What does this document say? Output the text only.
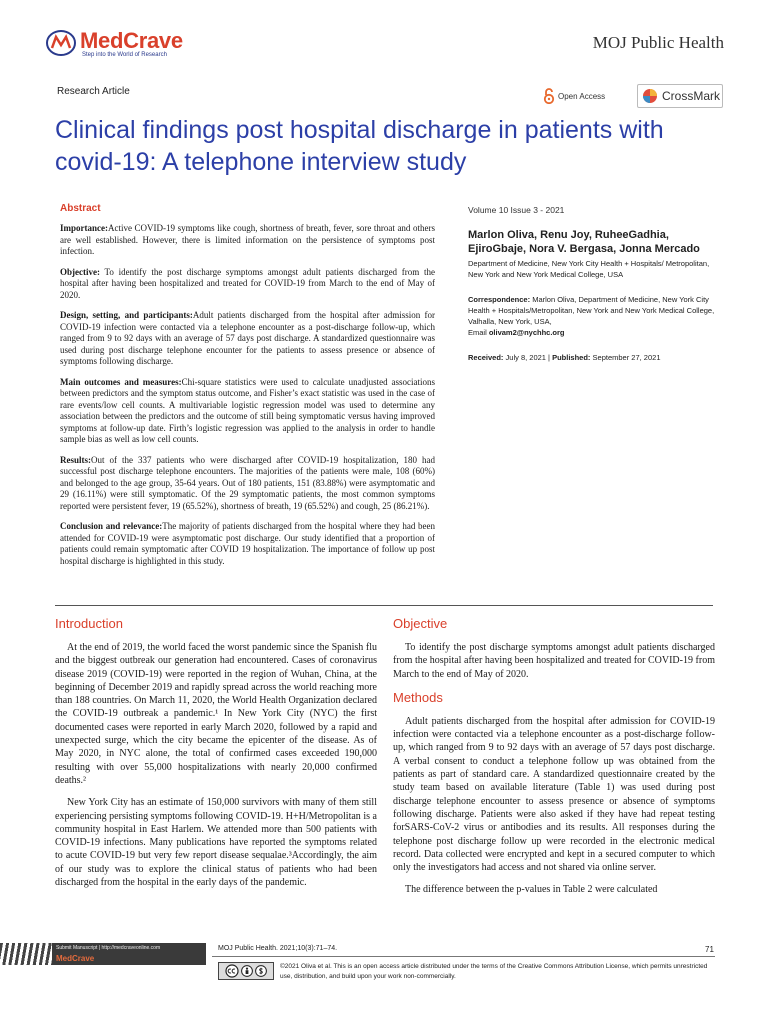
MedCrave
Step into the World of Research
MOJ Public Health
Research Article	Open Access	CrossMark
Clinical findings post hospital discharge in patients with covid-19: A telephone interview study
Abstract

Importance:Active COVID-19 symptoms like cough, shortness of breath, fever, sore throat and others are well established. However, there is limited information on the persistence of symptoms post infection.

Objective: To identify the post discharge symptoms amongst adult patients discharged from the hospital after having been hospitalized and treated for COVID-19 from March to the end of May of 2020.

Design, setting, and participants:Adult patients discharged from the hospital after admission for COVID-19 infection were contacted via a telephone encounter as a post-discharge follow-up, which ranged from 9 to 92 days with an average of 57 days post discharge. A standardized questionnaire was used during post discharge telephone encounter for the patients to assess presence or absence of symptoms following discharge.

Main outcomes and measures:Chi-square statistics were used to calculate unadjusted associations between predictors and the symptom status outcome, and Fisher’s exact statistic was used in the case of rare events/low cell counts. A multivariable logistic regression model was used to determine any association between the predictors and the outcome of still being symptomatic versus having improved symptoms at follow-up date. Firth’s logistic regression was applied to the analysis in order to handle sample bias as well as low cell counts.

Results:Out of the 337 patients who were discharged after COVID-19 hospitalization, 180 had successful post discharge telephone encounters. The majorities of the patients were male, 108 (60%) and belonged to the age group, 35-64 years. Out of 180 patients, 151 (83.88%) were asymptomatic and 29 (16.11%) were still symptomatic. Of the 29 symptomatic patients, the most common symptoms reported were persistent fever, 19 (65.52%), shortness of breath, 19 (65.52%) and cough, 25 (86.21%).

Conclusion and relevance:The majority of patients discharged from the hospital where they had been attended for COVID-19 were asymptomatic post discharge. Our study identified that a proportion of patients could remain symptomatic after COVID 19 hospitalization. The importance of follow up post hospital discharge is highlighted in this study.

Volume 10 Issue 3 - 2021
Marlon Oliva, Renu Joy, RuheeGadhia,
EjiroGbaje, Nora V. Bergasa, Jonna Mercado
Department of Medicine, New York City Health + Hospitals/ Metropolitan, New York and New York Medical College, USA
Correspondence: Marlon Oliva, Department of Medicine, New York City Health + Hospitals/Metropolitan, New York and New York Medical College, Valhalla, New York, USA,
Email olivam2@nychhc.org
Received: July 8, 2021 | Published: September 27, 2021
Introduction

At the end of 2019, the world faced the worst pandemic since the Spanish flu and the biggest outbreak our generation had encountered. Cases of coronavirus disease 2019 (COVID-19) were reported in the region of Wuhan, China, at the beginning of December 2019 and rapidly spread across the world reaching more than 188 countries. On March 11, 2020, the World Health Organization declared the COVID-19 outbreak a pandemic.¹ In New York City (NYC) the first documented cases were reported in early March 2020, followed by a rapid and unexpected surge, which the city became the epicenter of the disease. As of May 2020, in NYC alone, the total of confirmed cases exceeded 190,000 resulting with over 55,000 hospitalizations with nearly 20,000 confirmed deaths.²

New York City has an estimate of 150,000 survivors with many of them still experiencing persisting symptoms following COVID-19. H+H/Metropolitan is a community hospital in East Harlem. We attended more than 500 patients with COVID-19 infections. Many publications have reported the symptoms related to acute COVID-19 but very few report disease sequalae.³Accordingly, the aim of our study was to explore the clinical status of patients who had been discharged from the hospital in the early days of the pandemic.

Objective

To identify the post discharge symptoms amongst adult patients discharged from the hospital after having been hospitalized and treated for COVID-19 from March to the end of May of 2020.

Methods

Adult patients discharged from the hospital after admission for COVID-19 infection were contacted via a telephone encounter as a post-discharge follow-up, which ranged from 9 to 92 days with an average of 57 days post discharge. A verbal consent to conduct a telephone follow up was obtained from the patients as part of standard care. A standardized questionnaire created by the study team based on available literature (Table 1) was used during post discharge telephone encounter to assess presence or absence of symptoms following discharge. Patients were also asked if they have had repeat testing forSARS-CoV-2 virus or antibodies and its results. All responses during the telephone post discharge follow up were recorded in the electronic medical record. Data collected were encrypted and kept in a secured computer to which only the investigators had access and not shared via online server.

The difference between the p-values in Table 2 were calculated

Submit Manuscript | http://medcraveonline.com
MedCrave
MOJ Public Health. 2021;10(3):71‒74.	71
©2021 Oliva et al. This is an open access article distributed under the terms of the Creative Commons Attribution License, which permits unrestricted use, distribution, and build upon your work non-commercially.
